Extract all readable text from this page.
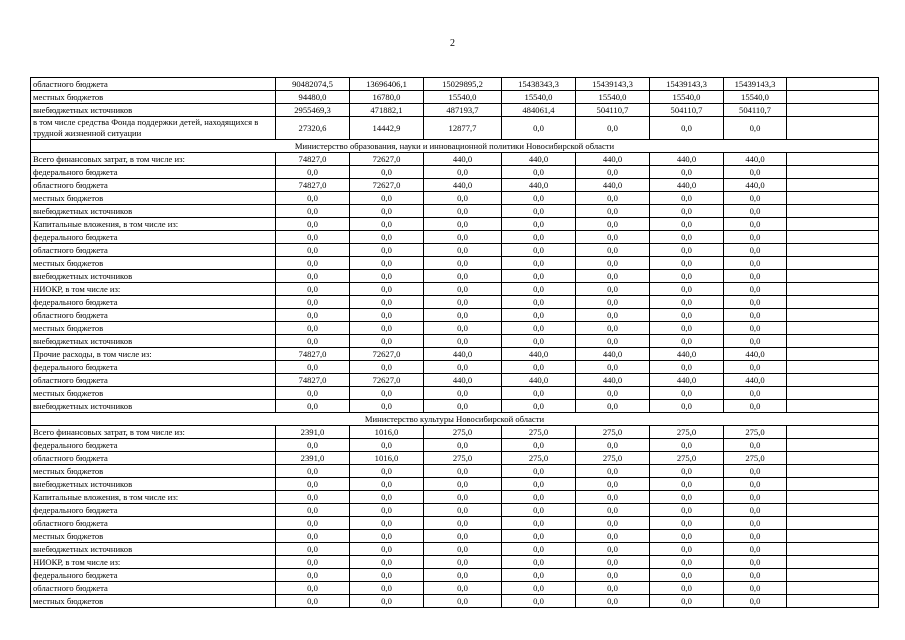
2
областного бюджета	90482074,5	13696406,1	15029895,2	15438343,3	15439143,3	15439143,3	15439143,3	
местных бюджетов	94480,0	16780,0	15540,0	15540,0	15540,0	15540,0	15540,0	
внебюджетных источников	2955469,3	471882,1	487193,7	484061,4	504110,7	504110,7	504110,7	
в том числе средства Фонда поддержки детей, находящихся в трудной жизненной ситуации	27320,6	14442,9	12877,7	0,0	0,0	0,0	0,0	
Министерство образования, науки и инновационной политики Новосибирской области								
Всего финансовых затрат, в том числе из:	74827,0	72627,0	440,0	440,0	440,0	440,0	440,0	
федерального бюджета	0,0	0,0	0,0	0,0	0,0	0,0	0,0	
областного бюджета	74827,0	72627,0	440,0	440,0	440,0	440,0	440,0	
местных бюджетов	0,0	0,0	0,0	0,0	0,0	0,0	0,0	
внебюджетных источников	0,0	0,0	0,0	0,0	0,0	0,0	0,0	
Капитальные вложения, в том числе из:	0,0	0,0	0,0	0,0	0,0	0,0	0,0	
федерального бюджета	0,0	0,0	0,0	0,0	0,0	0,0	0,0	
областного бюджета	0,0	0,0	0,0	0,0	0,0	0,0	0,0	
местных бюджетов	0,0	0,0	0,0	0,0	0,0	0,0	0,0	
внебюджетных источников	0,0	0,0	0,0	0,0	0,0	0,0	0,0	
НИОКР, в том числе из:	0,0	0,0	0,0	0,0	0,0	0,0	0,0	
федерального бюджета	0,0	0,0	0,0	0,0	0,0	0,0	0,0	
областного бюджета	0,0	0,0	0,0	0,0	0,0	0,0	0,0	
местных бюджетов	0,0	0,0	0,0	0,0	0,0	0,0	0,0	
внебюджетных источников	0,0	0,0	0,0	0,0	0,0	0,0	0,0	
Прочие расходы, в том числе из:	74827,0	72627,0	440,0	440,0	440,0	440,0	440,0	
федерального бюджета	0,0	0,0	0,0	0,0	0,0	0,0	0,0	
областного бюджета	74827,0	72627,0	440,0	440,0	440,0	440,0	440,0	
местных бюджетов	0,0	0,0	0,0	0,0	0,0	0,0	0,0	
внебюджетных источников	0,0	0,0	0,0	0,0	0,0	0,0	0,0	
Министерство культуры Новосибирской области								
Всего финансовых затрат, в том числе из:	2391,0	1016,0	275,0	275,0	275,0	275,0	275,0	
федерального бюджета	0,0	0,0	0,0	0,0	0,0	0,0	0,0	
областного бюджета	2391,0	1016,0	275,0	275,0	275,0	275,0	275,0	
местных бюджетов	0,0	0,0	0,0	0,0	0,0	0,0	0,0	
внебюджетных источников	0,0	0,0	0,0	0,0	0,0	0,0	0,0	
Капитальные вложения, в том числе из:	0,0	0,0	0,0	0,0	0,0	0,0	0,0	
федерального бюджета	0,0	0,0	0,0	0,0	0,0	0,0	0,0	
областного бюджета	0,0	0,0	0,0	0,0	0,0	0,0	0,0	
местных бюджетов	0,0	0,0	0,0	0,0	0,0	0,0	0,0	
внебюджетных источников	0,0	0,0	0,0	0,0	0,0	0,0	0,0	
НИОКР, в том числе из:	0,0	0,0	0,0	0,0	0,0	0,0	0,0	
федерального бюджета	0,0	0,0	0,0	0,0	0,0	0,0	0,0	
областного бюджета	0,0	0,0	0,0	0,0	0,0	0,0	0,0	
местных бюджетов	0,0	0,0	0,0	0,0	0,0	0,0	0,0	
